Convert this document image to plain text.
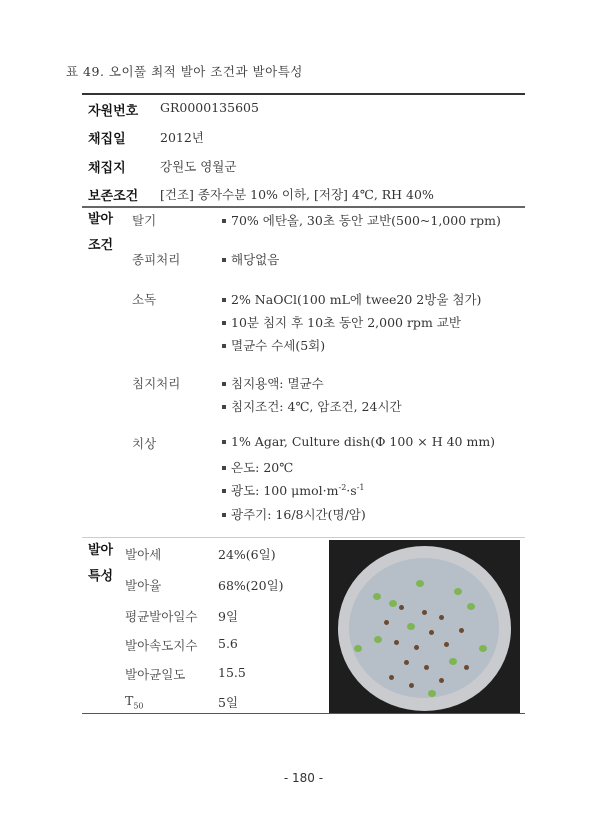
표 49. 오이풀 최적 발아 조건과 발아특성
자원번호 GR0000135605
채집일	2012년
채집지	강원도 영월군
보존조건 [건조] 종자수분 10% 이하, [저장] 4℃, RH 40%
발아
조건
탈기	70% 에탄올, 30초 동안 교반(500~1,000 rpm)
종피처리	해당없음
소독	2% NaOCl(100 mL에 twee20 2방울 첨가)
10분 침지 후 10초 동안 2,000 rpm 교반
멸균수 수세(5회)
침지처리	침지용액: 멸균수
침지조건: 4℃, 암조건, 24시간
치상	1% Agar, Culture dish(Φ 100 × H 40 mm)
온도: 20℃
광도: 100 $\mu mol\cdot m^{-2}\cdot s^{-1}$
광주기: 16/8시간(명/암)
발아
특성
발아세	24%(6일)
발아율	68%(20일)
평균발아일수 9일
발아속도지수 5.6
발아균일도	15.5
$T_{50}$	5일
- 180 -
